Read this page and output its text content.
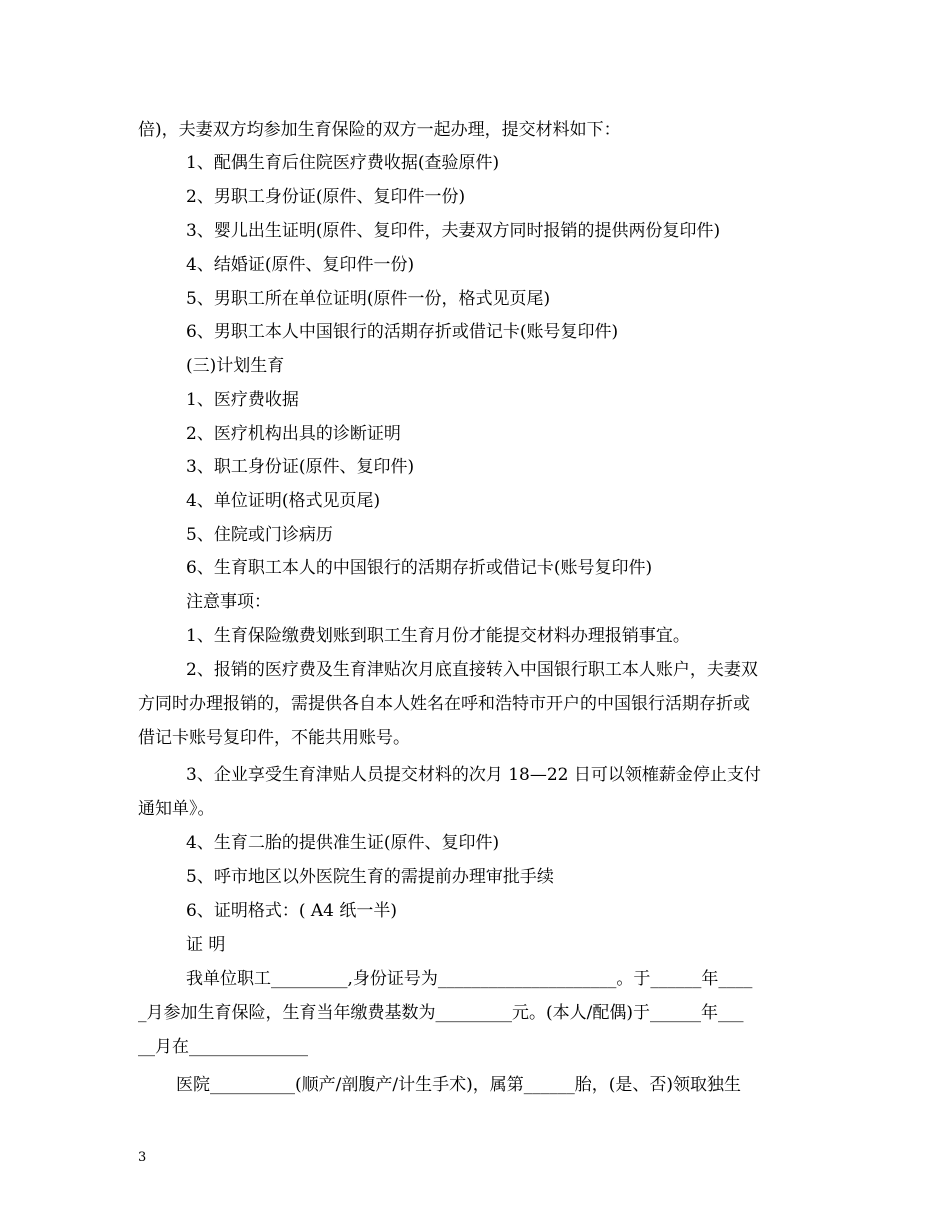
倍)，夫妻双方均参加生育保险的双方一起办理，提交材料如下：
1、配偶生育后住院医疗费收据(查验原件)
2、男职工身份证(原件、复印件一份)
3、婴儿出生证明(原件、复印件，夫妻双方同时报销的提供两份复印件)
4、结婚证(原件、复印件一份)
5、男职工所在单位证明(原件一份，格式见页尾)
6、男职工本人中国银行的活期存折或借记卡(账号复印件)
(三)计划生育
1、医疗费收据
2、医疗机构出具的诊断证明
3、职工身份证(原件、复印件)
4、单位证明(格式见页尾)
5、住院或门诊病历
6、生育职工本人的中国银行的活期存折或借记卡(账号复印件)
注意事项：
1、生育保险缴费划账到职工生育月份才能提交材料办理报销事宜。
2、报销的医疗费及生育津贴次月底直接转入中国银行职工本人账户，夫妻双
方同时办理报销的，需提供各自本人姓名在呼和浩特市开户的中国银行活期存折或
借记卡账号复印件，不能共用账号。
3、企业享受生育津贴人员提交材料的次月 18—22 日可以领榷薪金停止支付
通知单》。
4、生育二胎的提供准生证(原件、复印件)
5、呼市地区以外医院生育的需提前办理审批手续
6、证明格式：( A4 纸一半)
证 明
我单位职工_________,身份证号为_____________________。于______年____
_月参加生育保险，生育当年缴费基数为_________元。(本人/配偶)于______年___
__月在______________
医院__________(顺产/剖腹产/计生手术)，属第______胎，(是、否)领取独生
3
